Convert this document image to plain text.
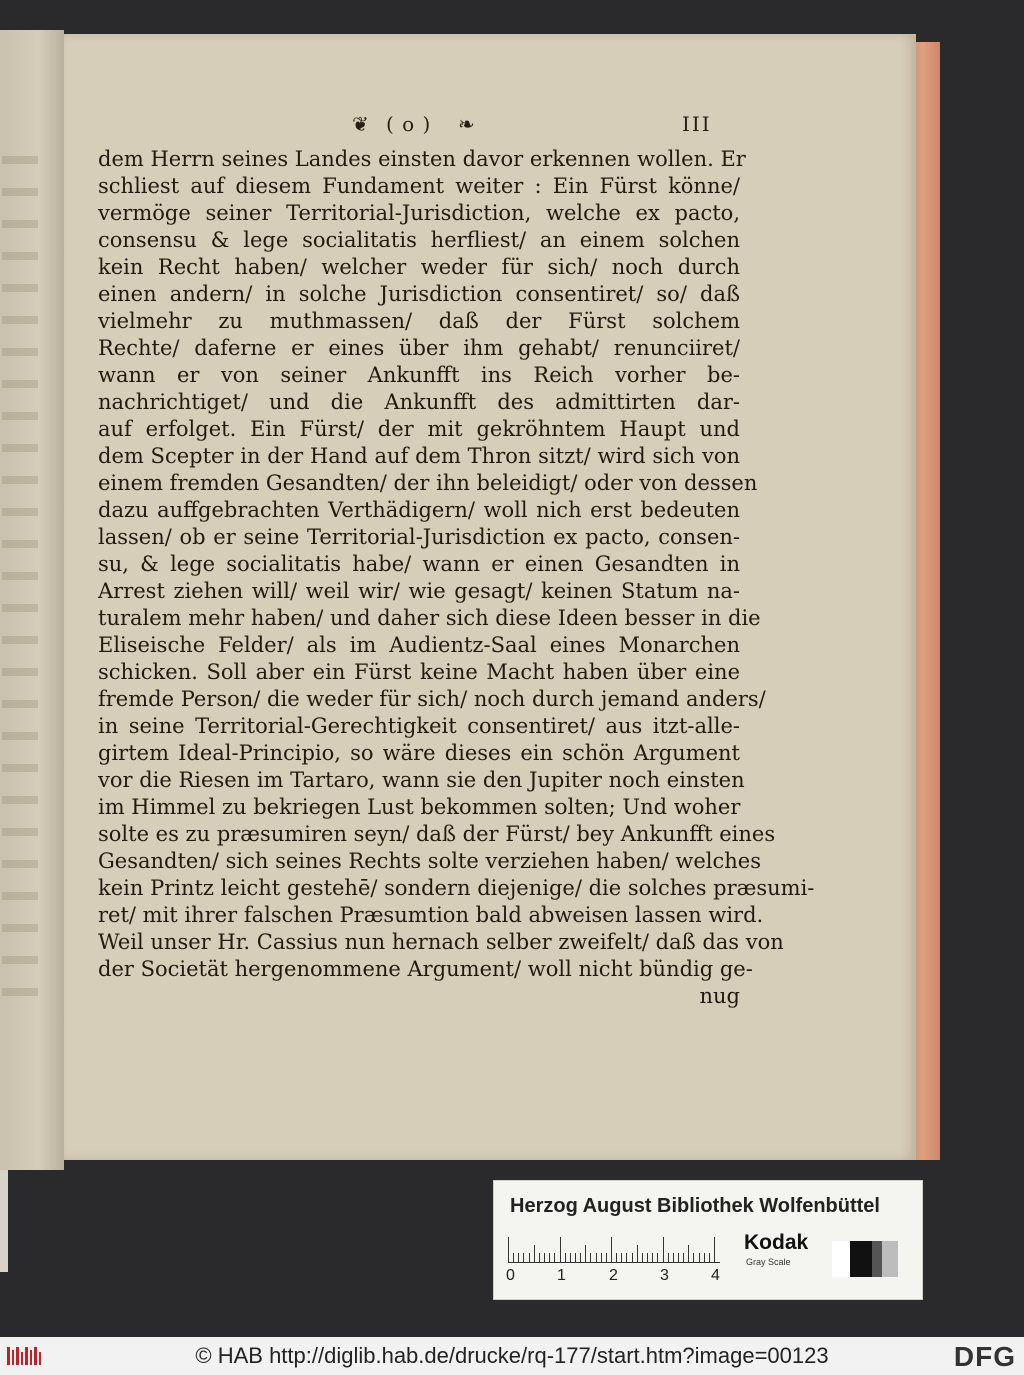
❦ ( o ) ❧	III
dem Herrn seines Landes einsten davor erkennen wollen. Er
schliest auf diesem Fundament weiter : Ein Fürst könne/
vermöge seiner Territorial-Jurisdiction, welche ex pacto,
consensu & lege socialitatis herfliest/ an einem solchen
kein Recht haben/ welcher weder für sich/ noch durch
einen andern/ in solche Jurisdiction consentiret/ so/ daß
vielmehr zu muthmassen/ daß der Fürst solchem
Rechte/ daferne er eines über ihm gehabt/ renunciiret/
wann er von seiner Ankunfft ins Reich vorher be-
nachrichtiget/ und die Ankunfft des admittirten dar-
auf erfolget. Ein Fürst/ der mit gekröhntem Haupt und
dem Scepter in der Hand auf dem Thron sitzt/ wird sich von
einem fremden Gesandten/ der ihn beleidigt/ oder von dessen
dazu auffgebrachten Verthädigern/ woll nich erst bedeuten
lassen/ ob er seine Territorial-Jurisdiction ex pacto, consen-
su, & lege socialitatis habe/ wann er einen Gesandten in
Arrest ziehen will/ weil wir/ wie gesagt/ keinen Statum na-
turalem mehr haben/ und daher sich diese Ideen besser in die
Eliseische Felder/ als im Audientz-Saal eines Monarchen
schicken. Soll aber ein Fürst keine Macht haben über eine
fremde Person/ die weder für sich/ noch durch jemand anders/
in seine Territorial-Gerechtigkeit consentiret/ aus itzt-alle-
girtem Ideal-Principio, so wäre dieses ein schön Argument
vor die Riesen im Tartaro, wann sie den Jupiter noch einsten
im Himmel zu bekriegen Lust bekommen solten; Und woher
solte es zu præsumiren seyn/ daß der Fürst/ bey Ankunfft eines
Gesandten/ sich seines Rechts solte verziehen haben/ welches
kein Printz leicht gestehē/ sondern diejenige/ die solches præsumi-
ret/ mit ihrer falschen Præsumtion bald abweisen lassen wird.
Weil unser Hr. Cassius nun hernach selber zweifelt/ daß das von
der Societät hergenommene Argument/ woll nicht bündig ge-
nug
Herzog August Bibliothek Wolfenbüttel
0	1	2	3	4
Kodak
Gray Scale
© HAB http://diglib.hab.de/drucke/rq-177/start.htm?image=00123	DFG
